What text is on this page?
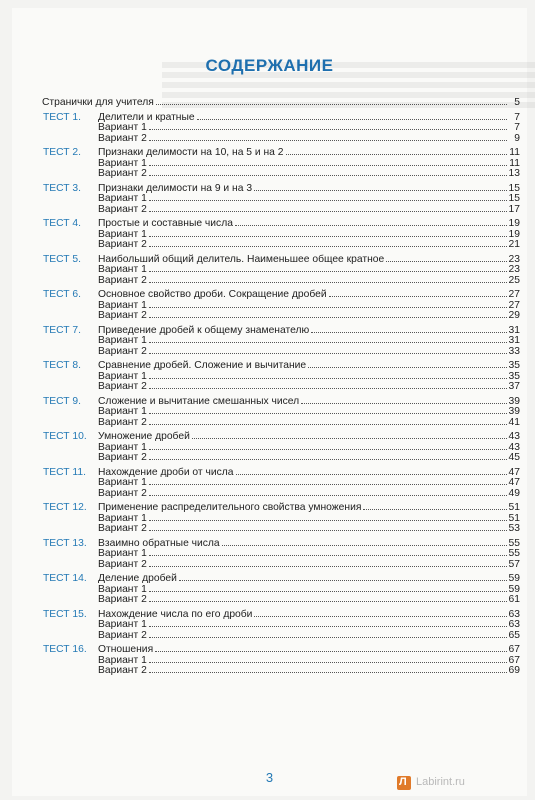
СОДЕРЖАНИЕ
Странички для учителя	5
ТЕСТ 1. Делители и кратные	7
Вариант 1	7
Вариант 2	9
ТЕСТ 2. Признаки делимости на 10, на 5 и на 2	11
Вариант 1	11
Вариант 2	13
ТЕСТ 3. Признаки делимости на 9 и на 3	15
Вариант 1	15
Вариант 2	17
ТЕСТ 4. Простые и составные числа	19
Вариант 1	19
Вариант 2	21
ТЕСТ 5. Наибольший общий делитель. Наименьшее общее кратное	23
Вариант 1	23
Вариант 2	25
ТЕСТ 6. Основное свойство дроби. Сокращение дробей	27
Вариант 1	27
Вариант 2	29
ТЕСТ 7. Приведение дробей к общему знаменателю	31
Вариант 1	31
Вариант 2	33
ТЕСТ 8. Сравнение дробей. Сложение и вычитание	35
Вариант 1	35
Вариант 2	37
ТЕСТ 9. Сложение и вычитание смешанных чисел	39
Вариант 1	39
Вариант 2	41
ТЕСТ 10. Умножение дробей	43
Вариант 1	43
Вариант 2	45
ТЕСТ 11. Нахождение дроби от числа	47
Вариант 1	47
Вариант 2	49
ТЕСТ 12. Применение распределительного свойства умножения	51
Вариант 1	51
Вариант 2	53
ТЕСТ 13. Взаимно обратные числа	55
Вариант 1	55
Вариант 2	57
ТЕСТ 14. Деление дробей	59
Вариант 1	59
Вариант 2	61
ТЕСТ 15. Нахождение числа по его дроби	63
Вариант 1	63
Вариант 2	65
ТЕСТ 16. Отношения	67
Вариант 1	67
Вариант 2	69
3 Л	Labirint.ru
